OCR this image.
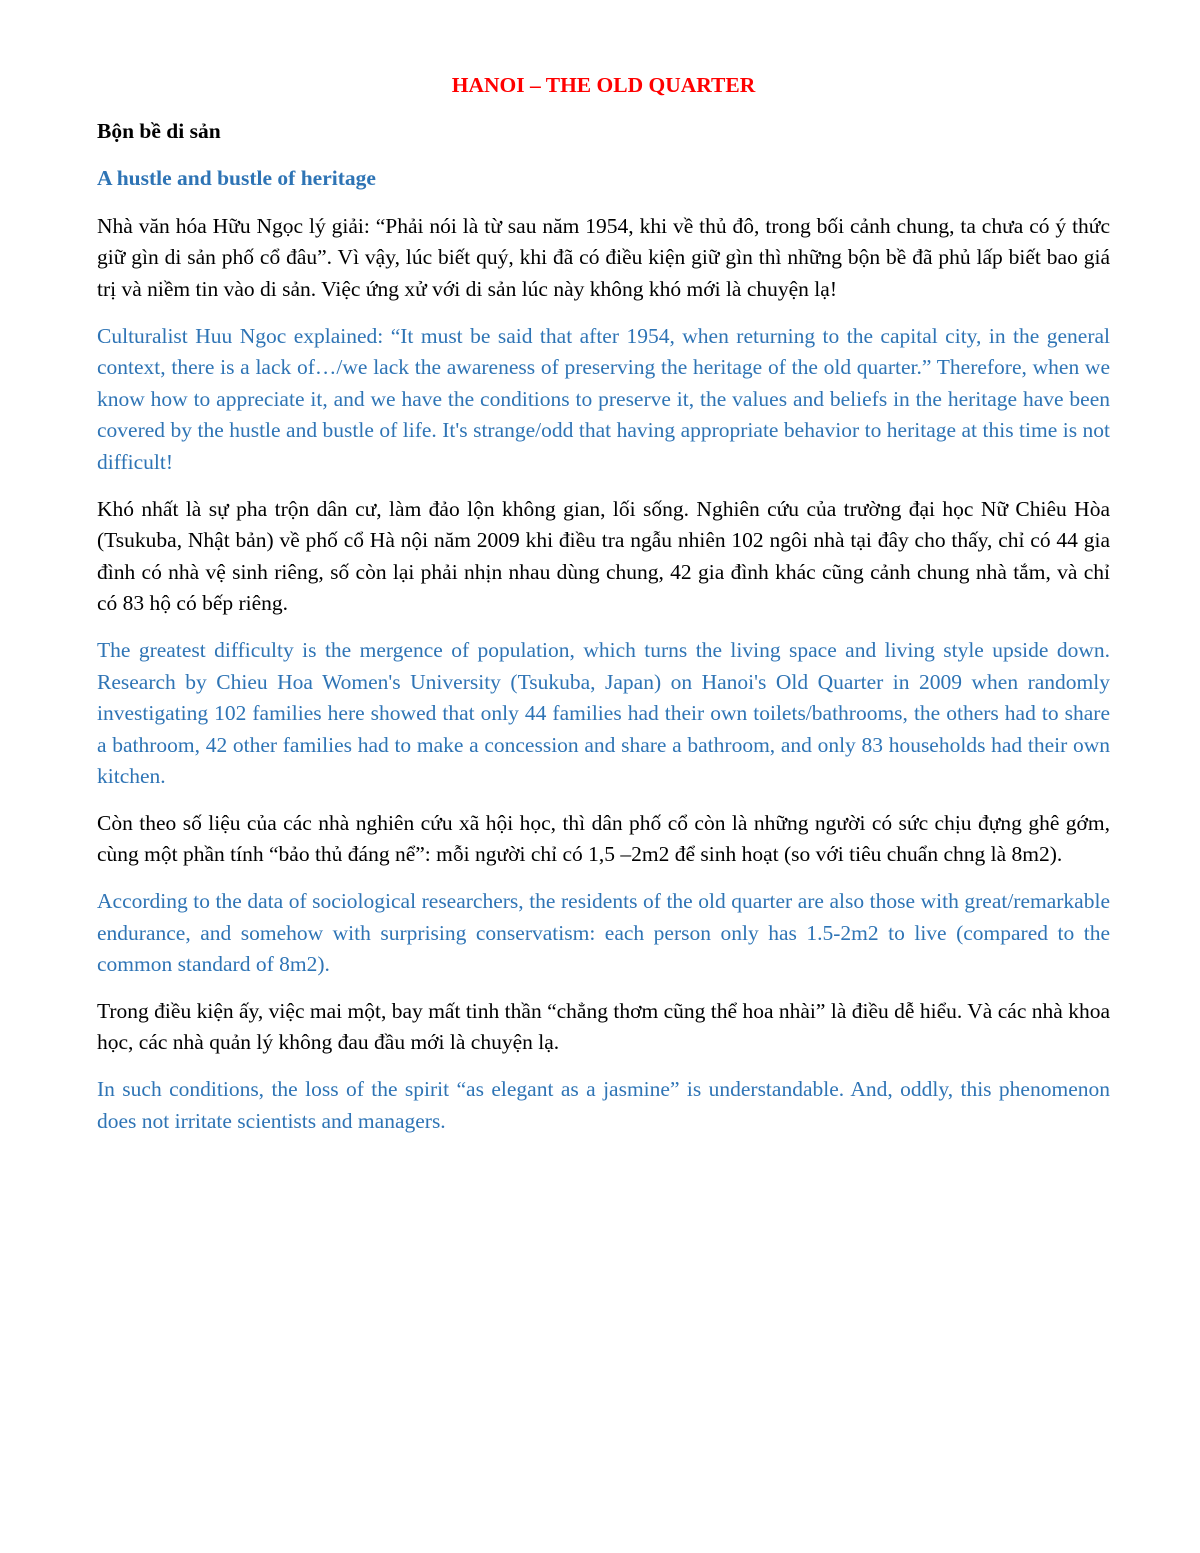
HANOI – THE OLD QUARTER
Bộn bề di sản
A hustle and bustle of heritage

Nhà văn hóa Hữu Ngọc lý giải: “Phải nói là từ sau năm 1954, khi về thủ đô, trong bối cảnh chung, ta chưa có ý thức giữ gìn di sản phố cổ đâu”. Vì vậy, lúc biết quý, khi đã có điều kiện giữ gìn thì những bộn bề đã phủ lấp biết bao giá trị và niềm tin vào di sản. Việc ứng xử với di sản lúc này không khó mới là chuyện lạ!

Culturalist Huu Ngoc explained: “It must be said that after 1954, when returning to the capital city, in the general context, there is a lack of…/we lack the awareness of preserving the heritage of the old quarter.” Therefore, when we know how to appreciate it, and we have the conditions to preserve it, the values and beliefs in the heritage have been covered by the hustle and bustle of life. It's strange/odd that having appropriate behavior to heritage at this time is not difficult!

Khó nhất là sự pha trộn dân cư, làm đảo lộn không gian, lối sống. Nghiên cứu của trường đại học Nữ Chiêu Hòa (Tsukuba, Nhật bản) về phố cổ Hà nội năm 2009 khi điều tra ngẫu nhiên 102 ngôi nhà tại đây cho thấy, chỉ có 44 gia đình có nhà vệ sinh riêng, số còn lại phải nhịn nhau dùng chung, 42 gia đình khác cũng cảnh chung nhà tắm, và chỉ có 83 hộ có bếp riêng.

The greatest difficulty is the mergence of population, which turns the living space and living style upside down. Research by Chieu Hoa Women's University (Tsukuba, Japan) on Hanoi's Old Quarter in 2009 when randomly investigating 102 families here showed that only 44 families had their own toilets/bathrooms, the others had to share a bathroom, 42 other families had to make a concession and share a bathroom, and only 83 households had their own kitchen.

Còn theo số liệu của các nhà nghiên cứu xã hội học, thì dân phố cổ còn là những người có sức chịu đựng ghê gớm, cùng một phần tính “bảo thủ đáng nể”: mỗi người chỉ có 1,5 –2m2 để sinh hoạt (so với tiêu chuẩn chng là 8m2).

According to the data of sociological researchers, the residents of the old quarter are also those with great/remarkable endurance, and somehow with surprising conservatism: each person only has 1.5-2m2 to live (compared to the common standard of 8m2).

Trong điều kiện ấy, việc mai một, bay mất tinh thần “chẳng thơm cũng thể hoa nhài” là điều dễ hiểu. Và các nhà khoa học, các nhà quản lý không đau đầu mới là chuyện lạ.

In such conditions, the loss of the spirit “as elegant as a jasmine” is understandable. And, oddly, this phenomenon does not irritate scientists and managers.
